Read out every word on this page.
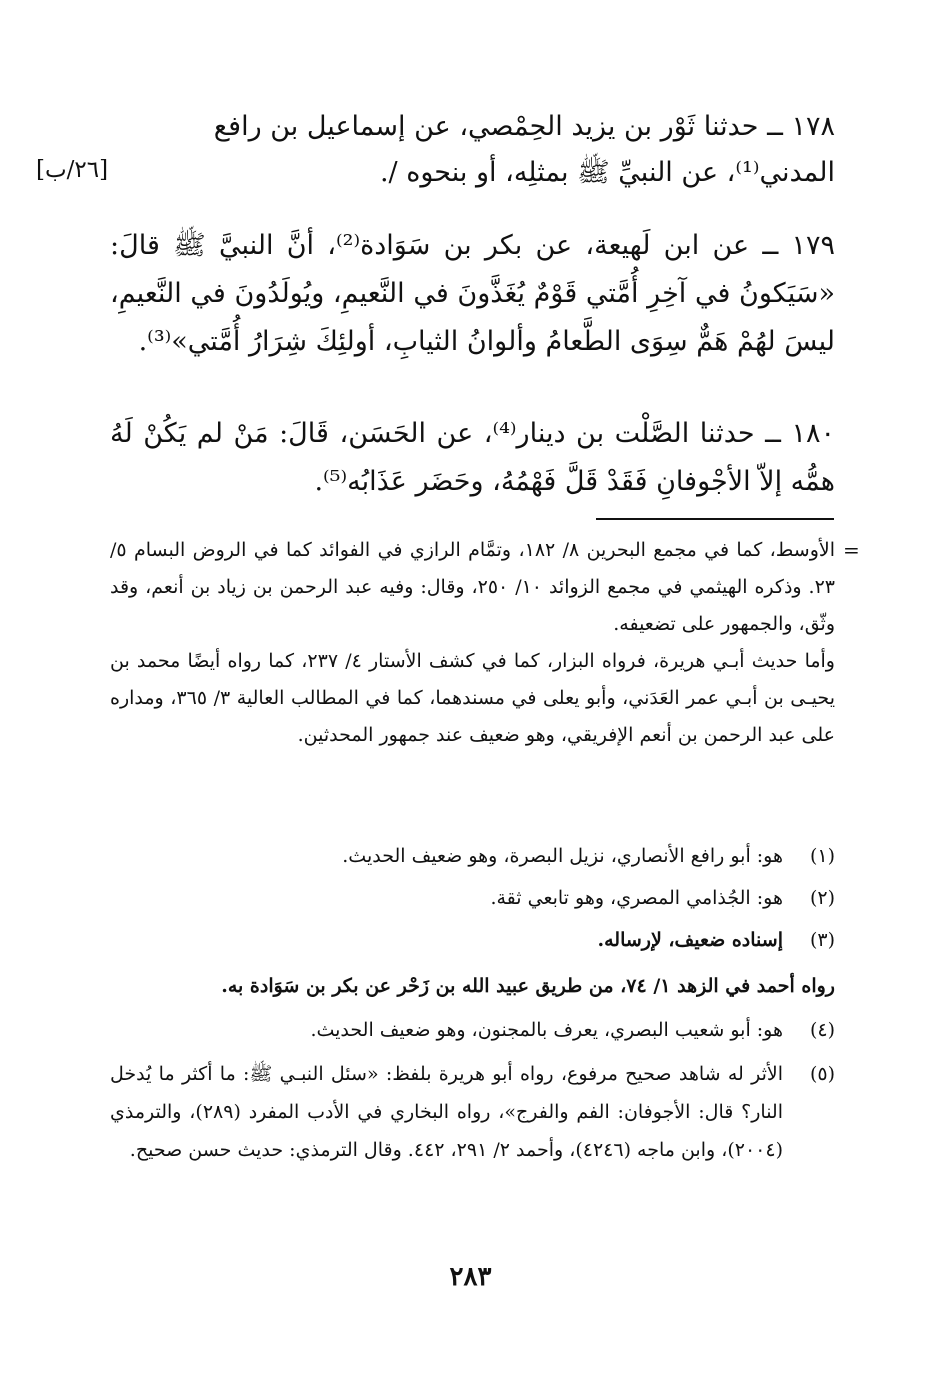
١٧٨ ــ حدثنا ثَوْر بن يزيد الحِمْصي، عن إسماعيل بن رافع

المدني⁽¹⁾، عن النبيِّ ﷺ بمثلِه، أو بنحوه /.

[٢٦/ب]

١٧٩ ــ عن ابن لَهيعة، عن بكر بن سَوَادة⁽²⁾، أنَّ النبيَّ ﷺ قالَ: «سَيَكونُ في آخِرِ أُمَّتي قَوْمٌ يُغَذَّونَ في النَّعيمِ، ويُولَدُونَ في النَّعيمِ، ليسَ لهُمْ هَمٌّ سِوَى الطَّعامُ وألوانُ الثيابِ، أولئِكَ شِرَارُ أُمَّتي»⁽³⁾.

١٨٠ ــ حدثنا الصَّلْت بن دينار⁽⁴⁾، عن الحَسَن، قَالَ: مَنْ لم يَكُنْ لَهُ همُّه إلاّ الأجْوفانِ فَقَدْ قَلَّ فَهْمُهُ، وحَضَر عَذَابُه⁽⁵⁾.

=

الأوسط، كما في مجمع البحرين ٨/ ١٨٢، وتمَّام الرازي في الفوائد كما في الروض البسام ٥/ ٢٣. وذكره الهيثمي في مجمع الزوائد ١٠/ ٢٥٠، وقال: وفيه عبد الرحمن بن زياد بن أنعم، وقد وثّق، والجمهور على تضعيفه.

وأما حديث أبـي هريرة، فرواه البزار، كما في كشف الأستار ٤/ ٢٣٧، كما رواه أيضًا محمد بن يحيـى بن أبـي عمر العَدَني، وأبو يعلى في مسندهما، كما في المطالب العالية ٣/ ٣٦٥، ومداره على عبد الرحمن بن أنعم الإفريقي، وهو ضعيف عند جمهور المحدثين.

(١)
هو: أبو رافع الأنصاري، نزيل البصرة، وهو ضعيف الحديث.
(٢)
هو: الجُذامي المصري، وهو تابعي ثقة.
(٣)
إسناده ضعيف، لإرساله.
رواه أحمد في الزهد ١/ ٧٤، من طريق عبيد الله بن زَحْر عن بكر بن سَوَادة به.
(٤)
هو: أبو شعيب البصري، يعرف بالمجنون، وهو ضعيف الحديث.
(٥)
الأثر له شاهد صحيح مرفوع، رواه أبو هريرة بلفظ: «سئل النبـي ﷺ: ما أكثر ما يُدخل النار؟ قال: الأجوفان: الفم والفرج»، رواه البخاري في الأدب المفرد (٢٨٩)، والترمذي (٢٠٠٤)، وابن ماجه (٤٢٤٦)، وأحمد ٢/ ٢٩١، ٤٤٢. وقال الترمذي: حديث حسن صحيح.
٢٨٣
